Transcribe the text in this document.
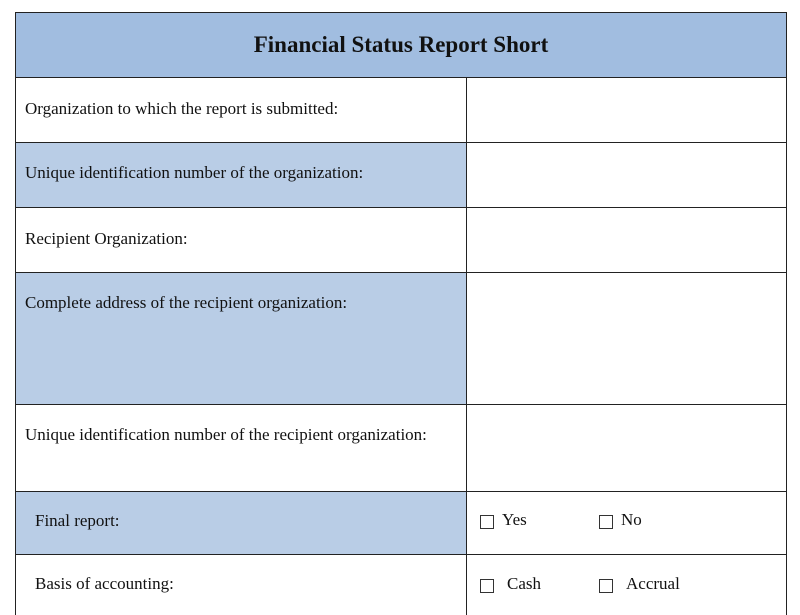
Financial Status Report Short
Organization to which the report is submitted:
Unique identification number of the organization:
Recipient Organization:
Complete address of the recipient organization:
Unique identification number of the recipient organization:
Final report:	Yes	No
Basis of accounting:	Cash	Accrual
